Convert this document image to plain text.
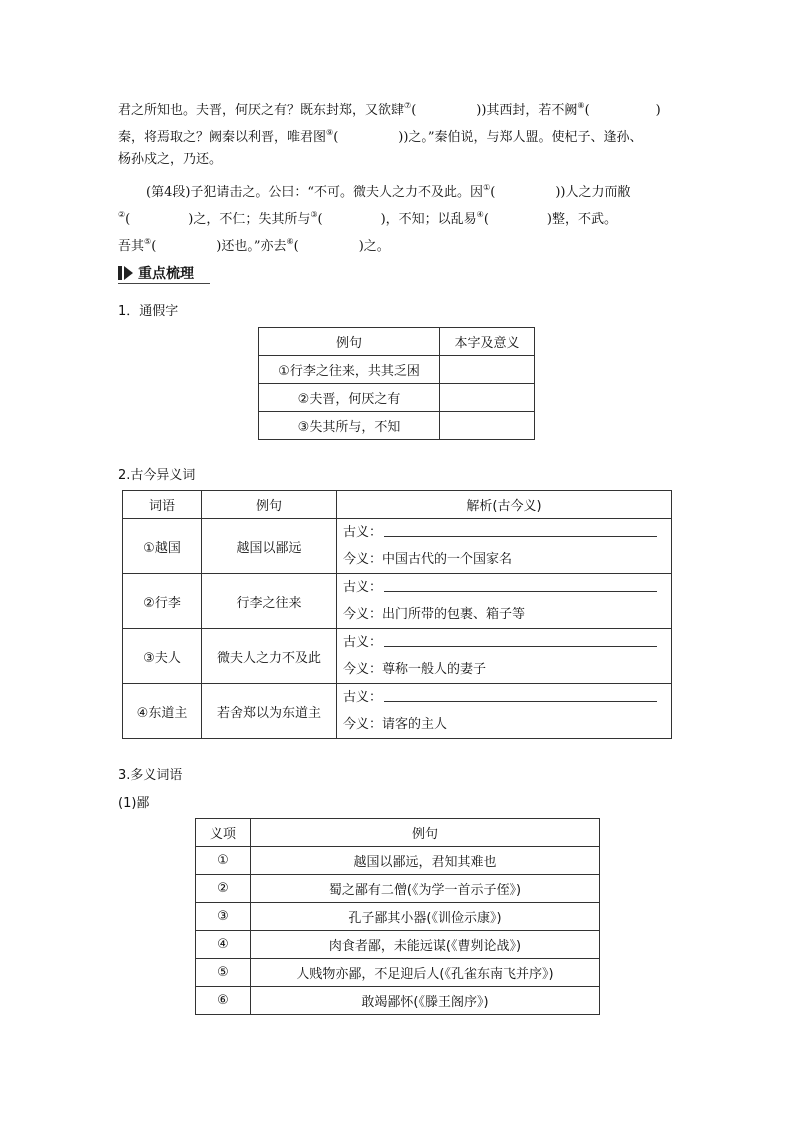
君之所知也。夫晋，何厌之有？既东封郑，又欲肆⑦(	))其西封，若不阙⑧(	)
秦，将焉取之？阙秦以利晋，唯君图⑨(	))之。”秦伯说，与郑人盟。使杞子、逢孙、
杨孙戍之，乃还。
(第4段)子犯请击之。公曰：“不可。微夫人之力不及此。因①(	))人之力而敝
②(	)之，不仁；失其所与③(	)，不知；以乱易④(	)整，不武。
吾其⑤(	)还也。”亦去⑥(	)之。
重点梳理
1．通假字
例句	本字及意义
①行李之往来，共其乏困	
②夫晋，何厌之有	
③失其所与，不知	
2.古今异义词
词语	例句	解析(古今义)
①越国	越国以鄙远	古义：
今义： 中国古代的一个国家名

②行李	行李之往来	古义：
今义： 出门所带的包裹、箱子等

③夫人	微夫人之力不及此	古义：
今义： 尊称一般人的妻子

④东道主	若舍郑以为东道主	古义：
今义： 请客的主人
3.多义词语
(1)鄙
义项	例句
①	越国以鄙远，君知其难也
②	蜀之鄙有二僧(《为学一首示子侄》)
③	孔子鄙其小器(《训俭示康》)
④	肉食者鄙，未能远谋(《曹刿论战》)
⑤	人贱物亦鄙，不足迎后人(《孔雀东南飞并序》)
⑥	敢竭鄙怀(《滕王阁序》)
